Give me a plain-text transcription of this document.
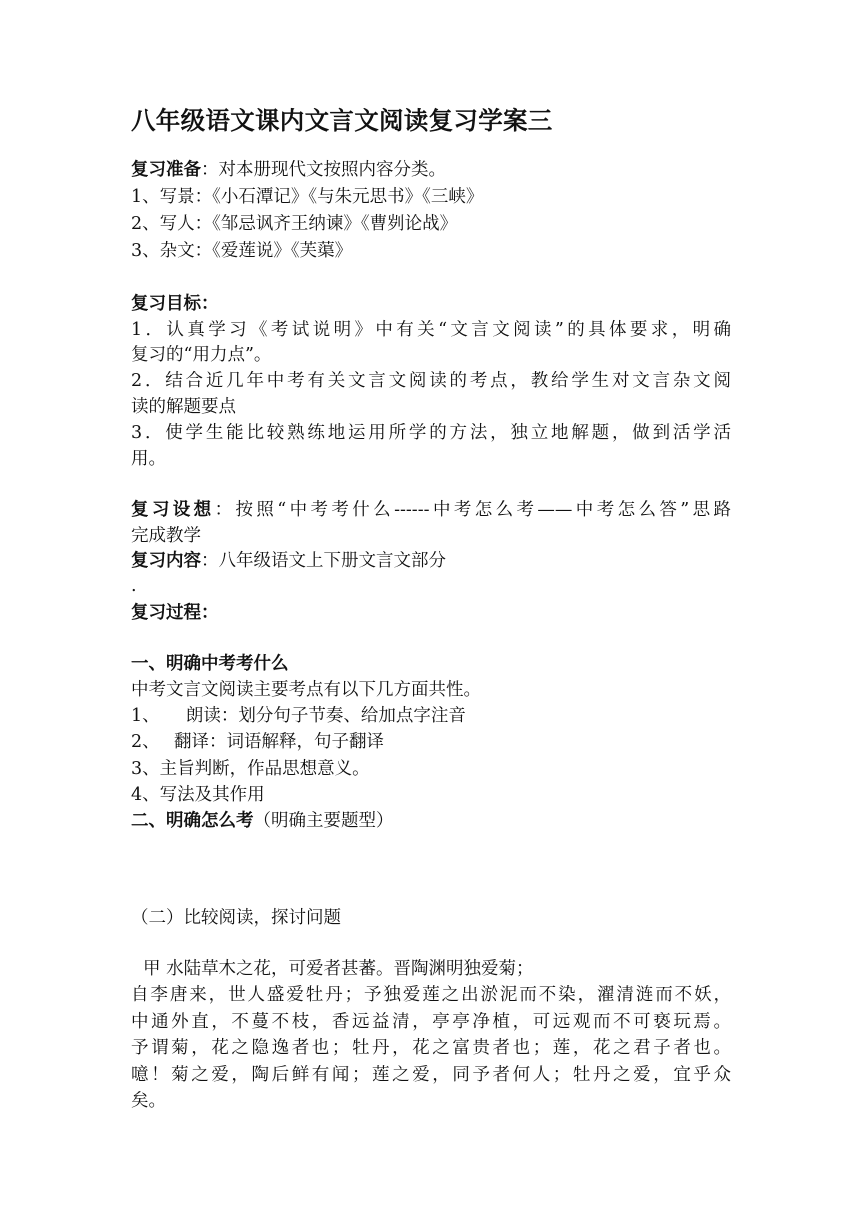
八年级语文课内文言文阅读复习学案三
复习准备：对本册现代文按照内容分类。
1、写景：《小石潭记》《与朱元思书》《三峡》
2、写人：《邹忌讽齐王纳谏》《曹刿论战》
3、杂文：《爱莲说》《芙蕖》
复习目标：
1．认真学习《考试说明》中有关“文言文阅读”的具体要求，明确
复习的“用力点”。
2．结合近几年中考有关文言文阅读的考点，教给学生对文言杂文阅
读的解题要点
3．使学生能比较熟练地运用所学的方法，独立地解题，做到活学活
用。
复习设想：按照“中考考什么------中考怎么考——中考怎么答”思路
完成教学
复习内容：八年级语文上下册文言文部分
.
复习过程：
一、明确中考考什么
中考文言文阅读主要考点有以下几方面共性。
1、　　朗读：划分句子节奏、给加点字注音
2、　 翻译：词语解释，句子翻译
3、主旨判断，作品思想意义。
4、写法及其作用
二、明确怎么考（明确主要题型）
（二）比较阅读，探讨问题
甲 水陆草木之花，可爱者甚蕃。晋陶渊明独爱菊；
自李唐来，世人盛爱牡丹；予独爱莲之出淤泥而不染，濯清涟而不妖，
中通外直，不蔓不枝，香远益清，亭亭净植，可远观而不可亵玩焉。
予谓菊，花之隐逸者也；牡丹，花之富贵者也；莲，花之君子者也。
噫！菊之爱，陶后鲜有闻；莲之爱，同予者何人；牡丹之爱，宜乎众
矣。
